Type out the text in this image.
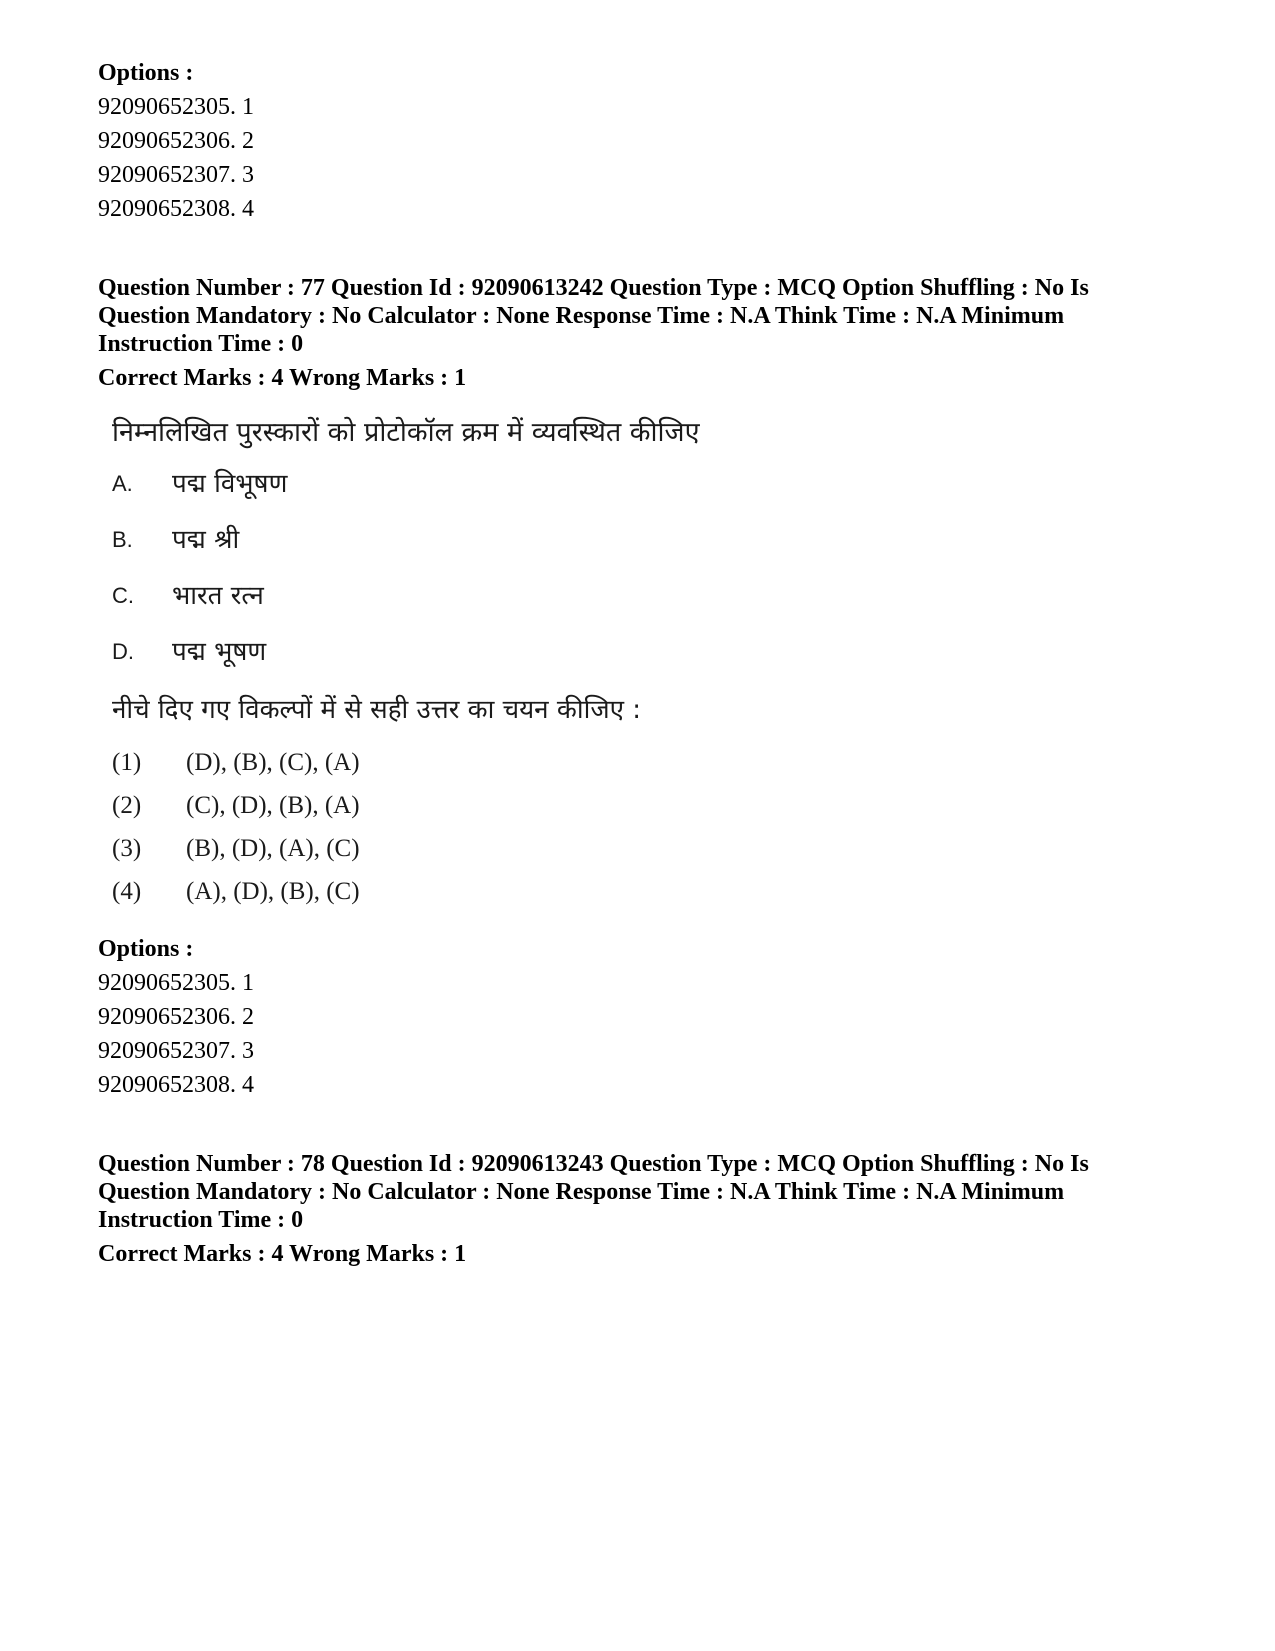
Options :
92090652305. 1
92090652306. 2
92090652307. 3
92090652308. 4
Question Number : 77 Question Id : 92090613242 Question Type : MCQ Option Shuffling : No Is Question Mandatory : No Calculator : None Response Time : N.A Think Time : N.A Minimum Instruction Time : 0
Correct Marks : 4 Wrong Marks : 1
निम्नलिखित पुरस्कारों को प्रोटोकॉल क्रम में व्यवस्थित कीजिए
A. पद्म विभूषण
B. पद्म श्री
C. भारत रत्न
D. पद्म भूषण
नीचे दिए गए विकल्पों में से सही उत्तर का चयन कीजिए :
(1) (D), (B), (C), (A)
(2) (C), (D), (B), (A)
(3) (B), (D), (A), (C)
(4) (A), (D), (B), (C)
Options :
92090652305. 1
92090652306. 2
92090652307. 3
92090652308. 4
Question Number : 78 Question Id : 92090613243 Question Type : MCQ Option Shuffling : No Is Question Mandatory : No Calculator : None Response Time : N.A Think Time : N.A Minimum Instruction Time : 0
Correct Marks : 4 Wrong Marks : 1
